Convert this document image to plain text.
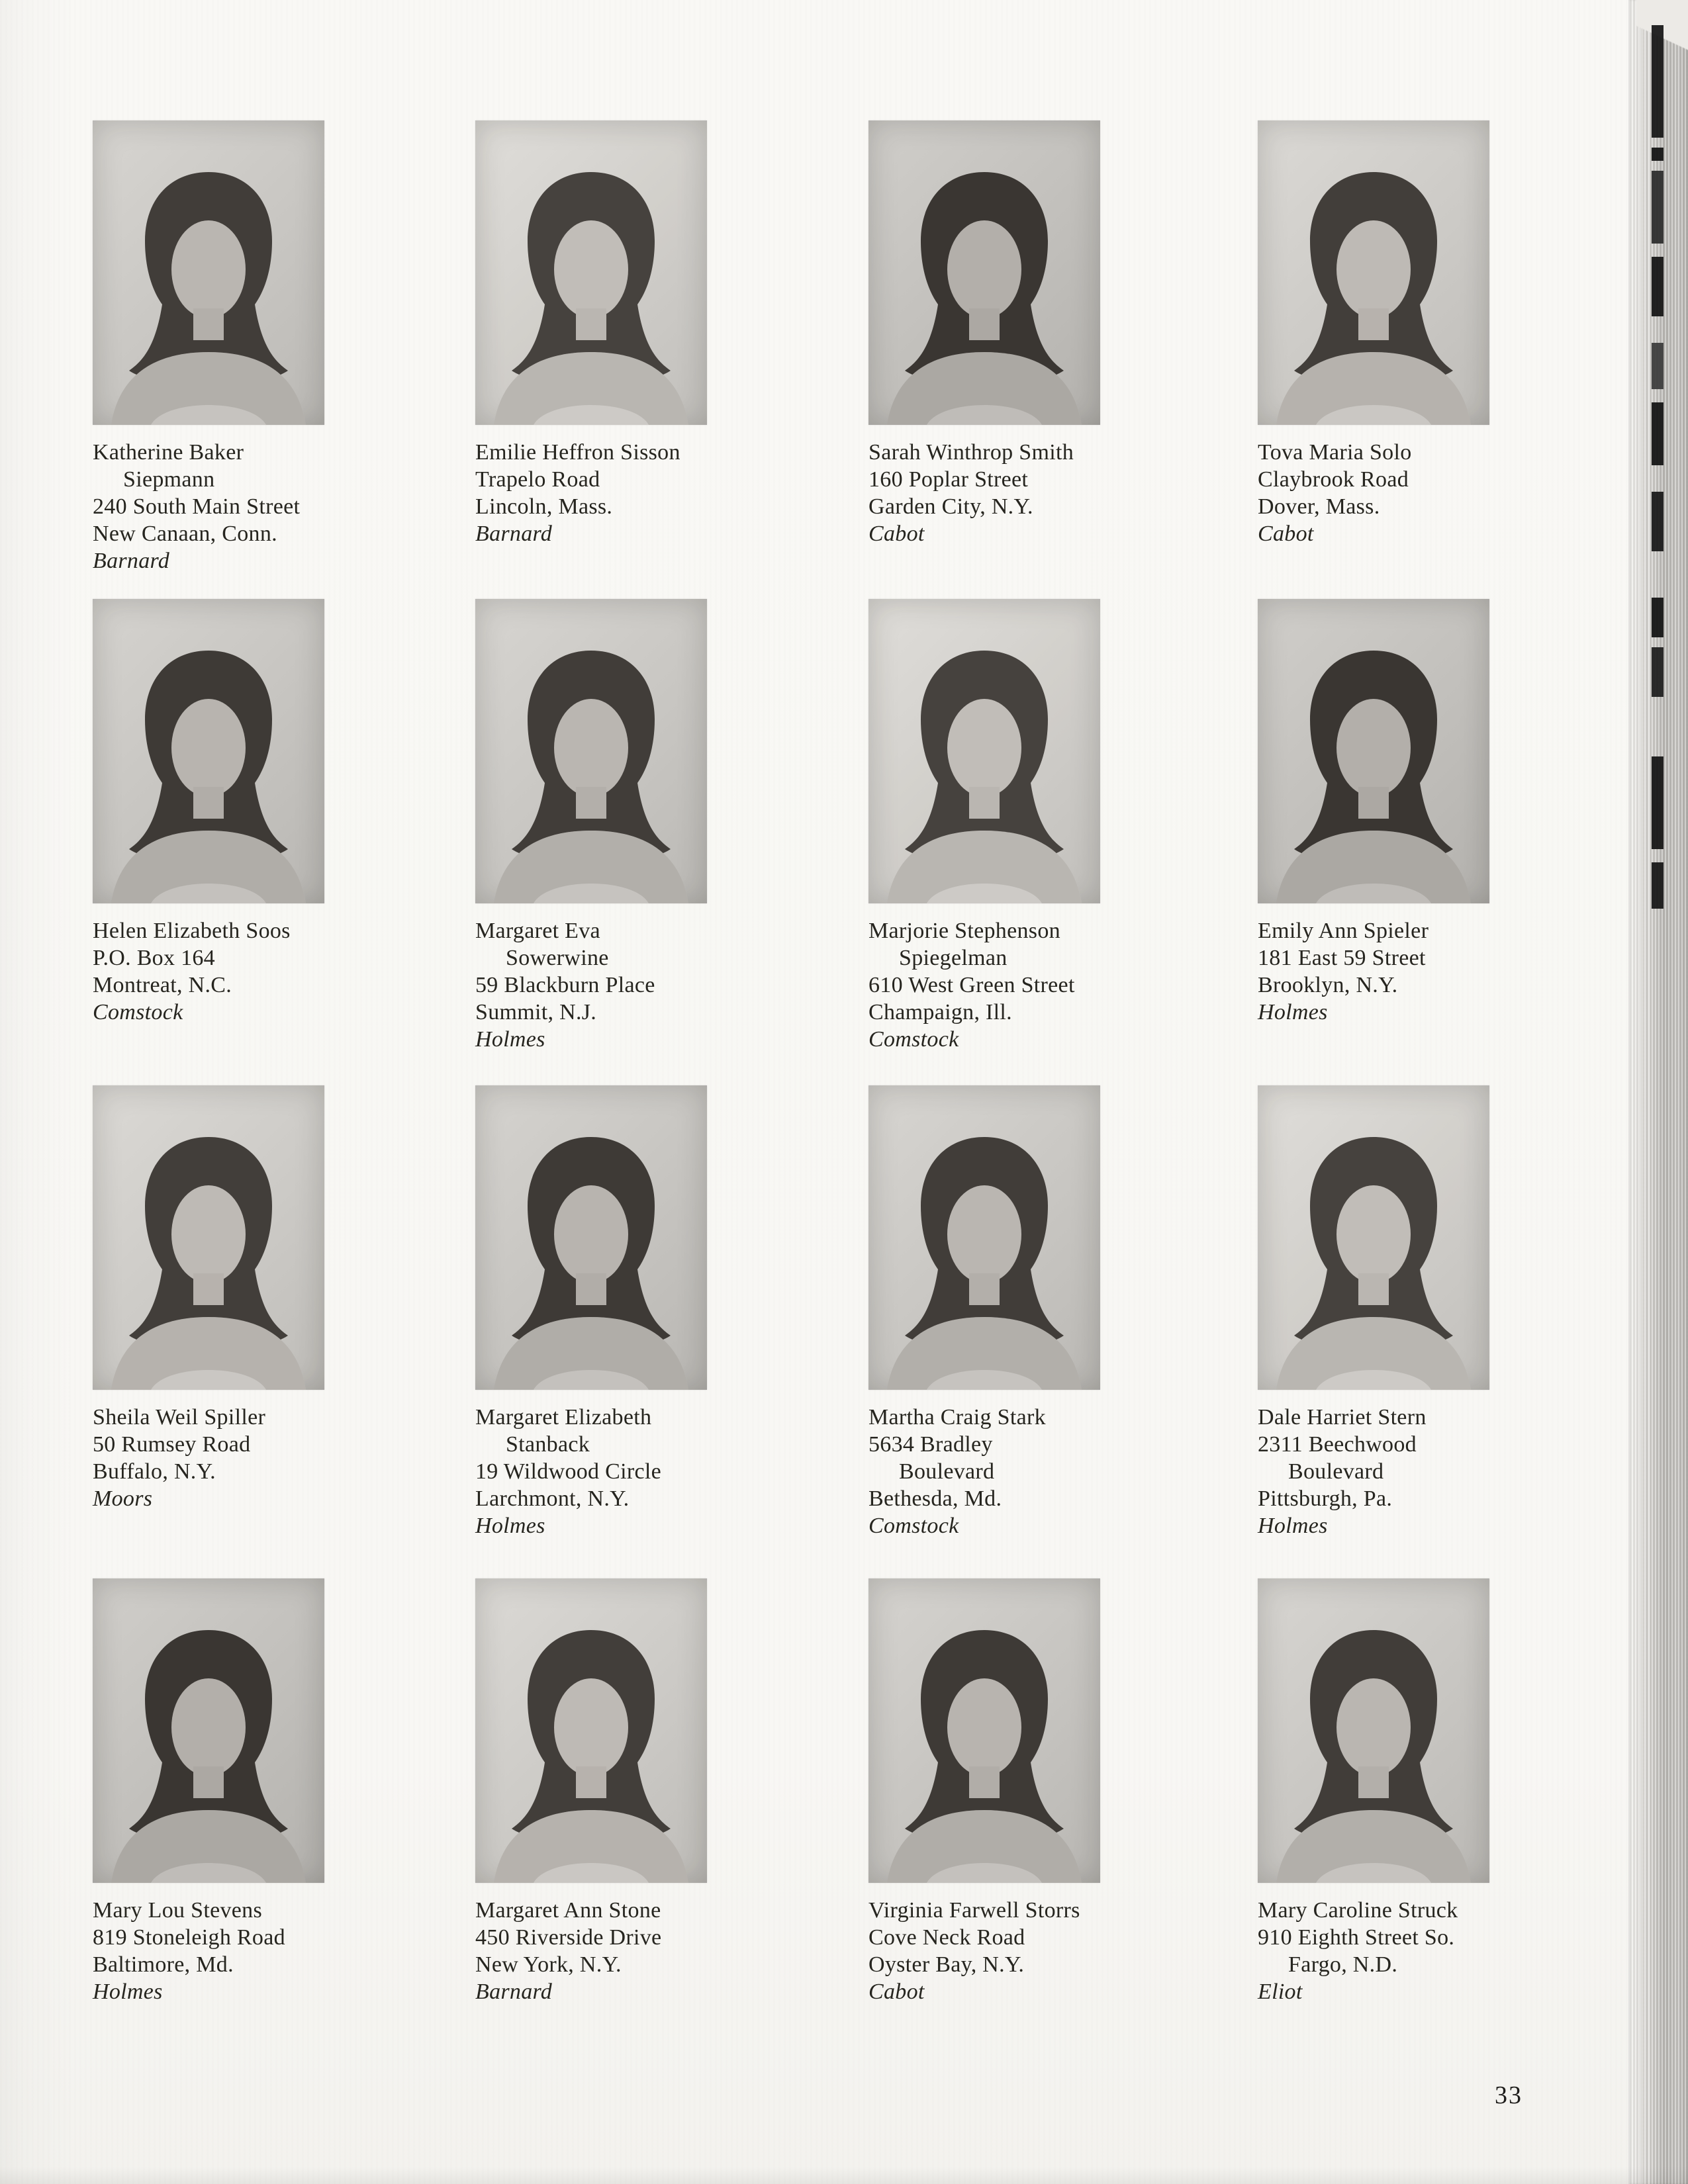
Katherine Baker
Siepmann
240 South Main Street
New Canaan, Conn.
Barnard
Emilie Heffron Sisson
Trapelo Road
Lincoln, Mass.
Barnard
Sarah Winthrop Smith
160 Poplar Street
Garden City, N.Y.
Cabot
Tova Maria Solo
Claybrook Road
Dover, Mass.
Cabot
Helen Elizabeth Soos
P.O. Box 164
Montreat, N.C.
Comstock
Margaret Eva
Sowerwine
59 Blackburn Place
Summit, N.J.
Holmes
Marjorie Stephenson
Spiegelman
610 West Green Street
Champaign, Ill.
Comstock
Emily Ann Spieler
181 East 59 Street
Brooklyn, N.Y.
Holmes
Sheila Weil Spiller
50 Rumsey Road
Buffalo, N.Y.
Moors
Margaret Elizabeth
Stanback
19 Wildwood Circle
Larchmont, N.Y.
Holmes
Martha Craig Stark
5634 Bradley
Boulevard
Bethesda, Md.
Comstock
Dale Harriet Stern
2311 Beechwood
Boulevard
Pittsburgh, Pa.
Holmes
Mary Lou Stevens
819 Stoneleigh Road
Baltimore, Md.
Holmes
Margaret Ann Stone
450 Riverside Drive
New York, N.Y.
Barnard
Virginia Farwell Storrs
Cove Neck Road
Oyster Bay, N.Y.
Cabot
Mary Caroline Struck
910 Eighth Street So.
Fargo, N.D.
Eliot
33
